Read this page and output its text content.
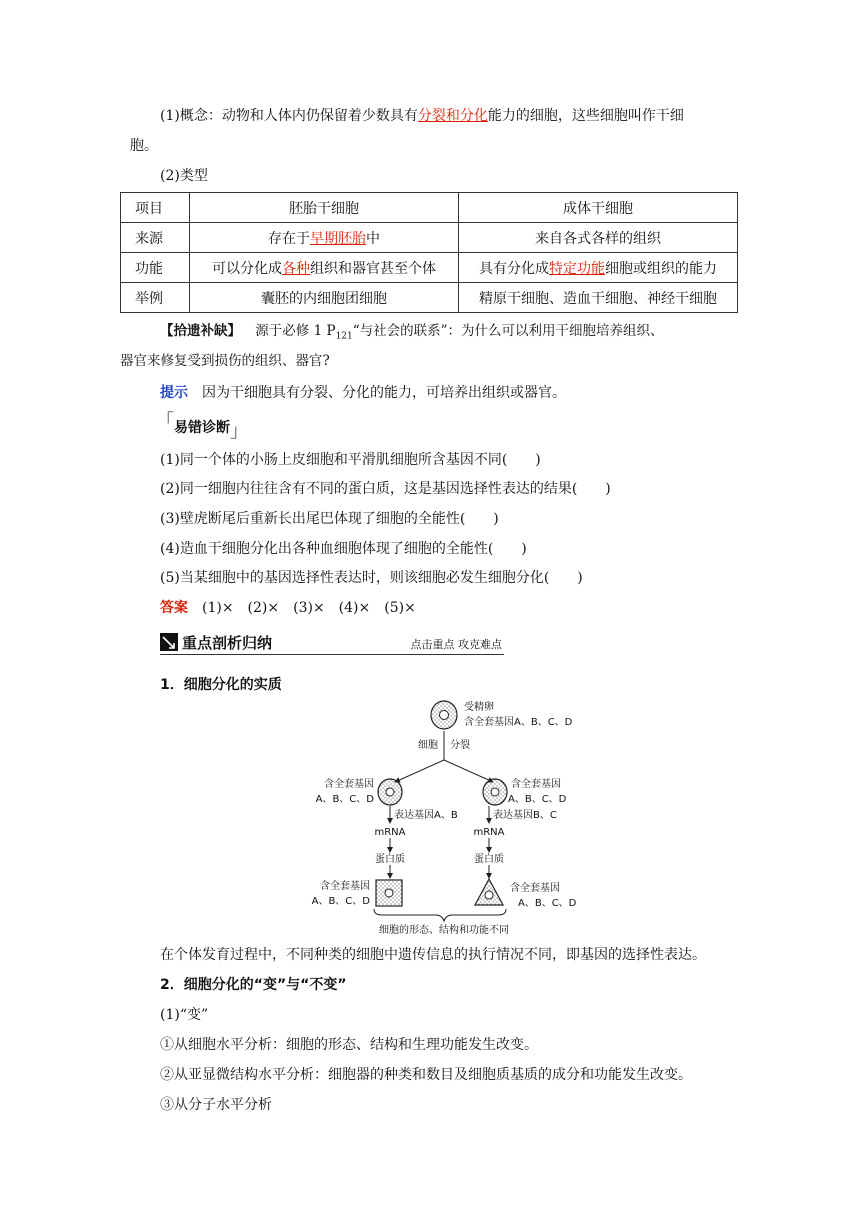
(1)概念：动物和人体内仍保留着少数具有分裂和分化能力的细胞，这些细胞叫作干细
胞。
(2)类型
项目	胚胎干细胞	成体干细胞
来源	存在于早期胚胎中	来自各式各样的组织
功能	可以分化成各种组织和器官甚至个体	具有分化成特定功能细胞或组织的能力
举例	囊胚的内细胞团细胞	精原干细胞、造血干细胞、神经干细胞
【拾遗补缺】 源于必修 1 $P_{121}“$与社会的联系”：为什么可以利用干细胞培养组织、
器官来修复受到损伤的组织、器官?
提示 因为干细胞具有分裂、分化的能力，可培养出组织或器官。
「易错诊断」
(1)同一个体的小肠上皮细胞和平滑肌细胞所含基因不同(　　)
(2)同一细胞内往往含有不同的蛋白质，这是基因选择性表达的结果(　　)
(3)壁虎断尾后重新长出尾巴体现了细胞的全能性(　　)
(4)造血干细胞分化出各种血细胞体现了细胞的全能性(　　)
(5)当某细胞中的基因选择性表达时，则该细胞必发生细胞分化(　　)
答案 (1)×　(2)×　(3)×　(4)×　(5)×
重点剖析归纳	点击重点 攻克难点
1．细胞分化的实质
受精卵
含全套基因A、B、C、D
细胞 分裂
含全套基因
A、B、C、D
含全套基因
A、B、C、D
表达基因A、B
mRNA
蛋白质
表达基因B、C
mRNA
蛋白质
含全套基因
A、B、C、D
含全套基因
A、B、C、D
细胞的形态、结构和功能不同
在个体发育过程中，不同种类的细胞中遗传信息的执行情况不同，即基因的选择性表达。
2．细胞分化的“变”与“不变”
(1)“变”
①从细胞水平分析：细胞的形态、结构和生理功能发生改变。
②从亚显微结构水平分析：细胞器的种类和数目及细胞质基质的成分和功能发生改变。
③从分子水平分析
